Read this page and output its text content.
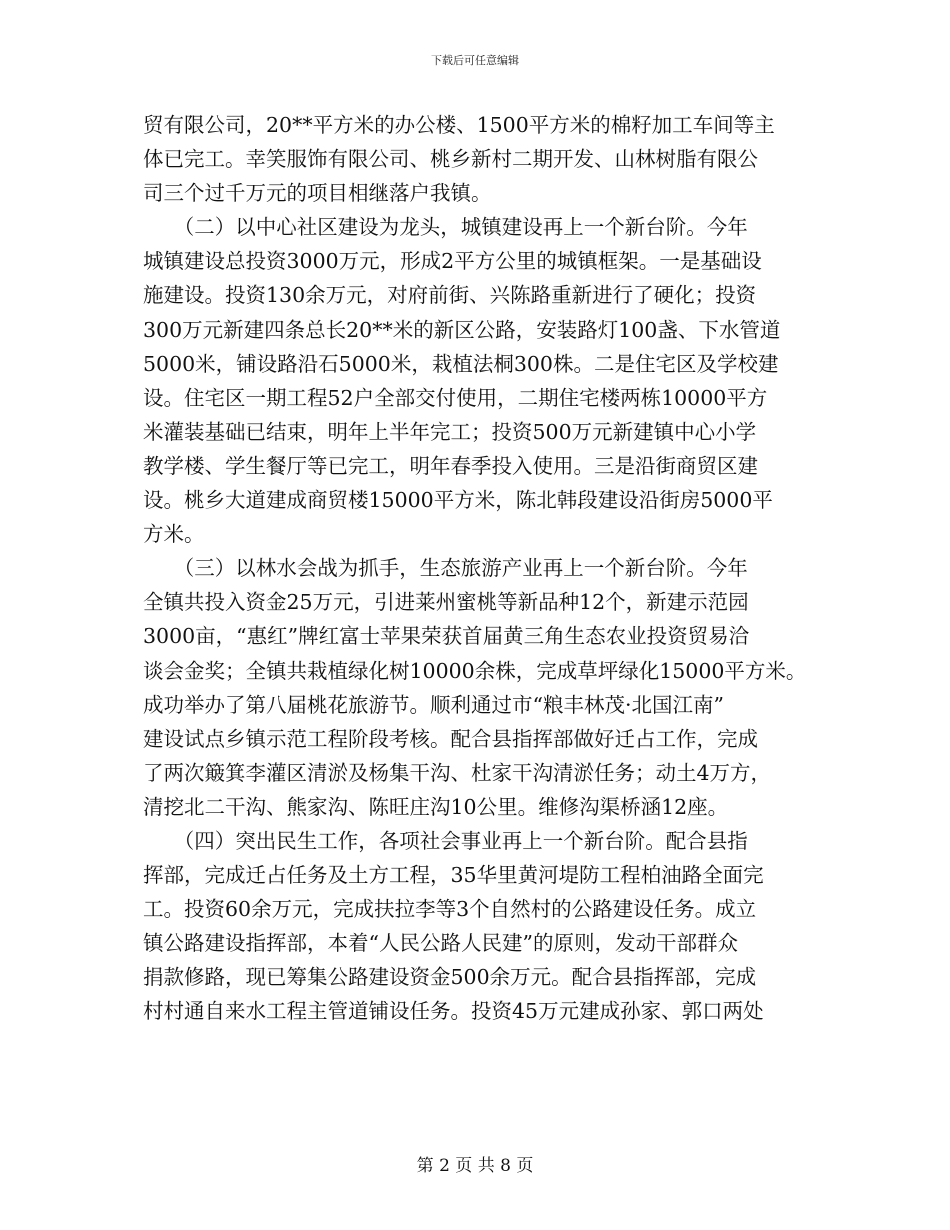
下载后可任意编辑
贸有限公司，20**平方米的办公楼、1500平方米的棉籽加工车间等主
体已完工。幸笑服饰有限公司、桃乡新村二期开发、山林树脂有限公
司三个过千万元的项目相继落户我镇。
　　（二）以中心社区建设为龙头，城镇建设再上一个新台阶。今年
城镇建设总投资3000万元，形成2平方公里的城镇框架。一是基础设
施建设。投资130余万元，对府前街、兴陈路重新进行了硬化；投资
300万元新建四条总长20**米的新区公路，安装路灯100盏、下水管道
5000米，铺设路沿石5000米，栽植法桐300株。二是住宅区及学校建
设。住宅区一期工程52户全部交付使用，二期住宅楼两栋10000平方
米灌装基础已结束，明年上半年完工；投资500万元新建镇中心小学
教学楼、学生餐厅等已完工，明年春季投入使用。三是沿街商贸区建
设。桃乡大道建成商贸楼15000平方米，陈北韩段建设沿街房5000平
方米。
　　（三）以林水会战为抓手，生态旅游产业再上一个新台阶。今年
全镇共投入资金25万元，引进莱州蜜桃等新品种12个，新建示范园
3000亩，“惠红”牌红富士苹果荣获首届黄三角生态农业投资贸易洽
谈会金奖；全镇共栽植绿化树10000余株，完成草坪绿化15000平方米。
成功举办了第八届桃花旅游节。顺利通过市“粮丰林茂·北国江南”
建设试点乡镇示范工程阶段考核。配合县指挥部做好迁占工作，完成
了两次簸箕李灌区清淤及杨集干沟、杜家干沟清淤任务；动土4万方，
清挖北二干沟、熊家沟、陈旺庄沟10公里。维修沟渠桥涵12座。
　　（四）突出民生工作，各项社会事业再上一个新台阶。配合县指
挥部，完成迁占任务及土方工程，35华里黄河堤防工程柏油路全面完
工。投资60余万元，完成扶拉李等3个自然村的公路建设任务。成立
镇公路建设指挥部，本着“人民公路人民建”的原则，发动干部群众
捐款修路，现已筹集公路建设资金500余万元。配合县指挥部，完成
村村通自来水工程主管道铺设任务。投资45万元建成孙家、郭口两处
第 2 页 共 8 页
